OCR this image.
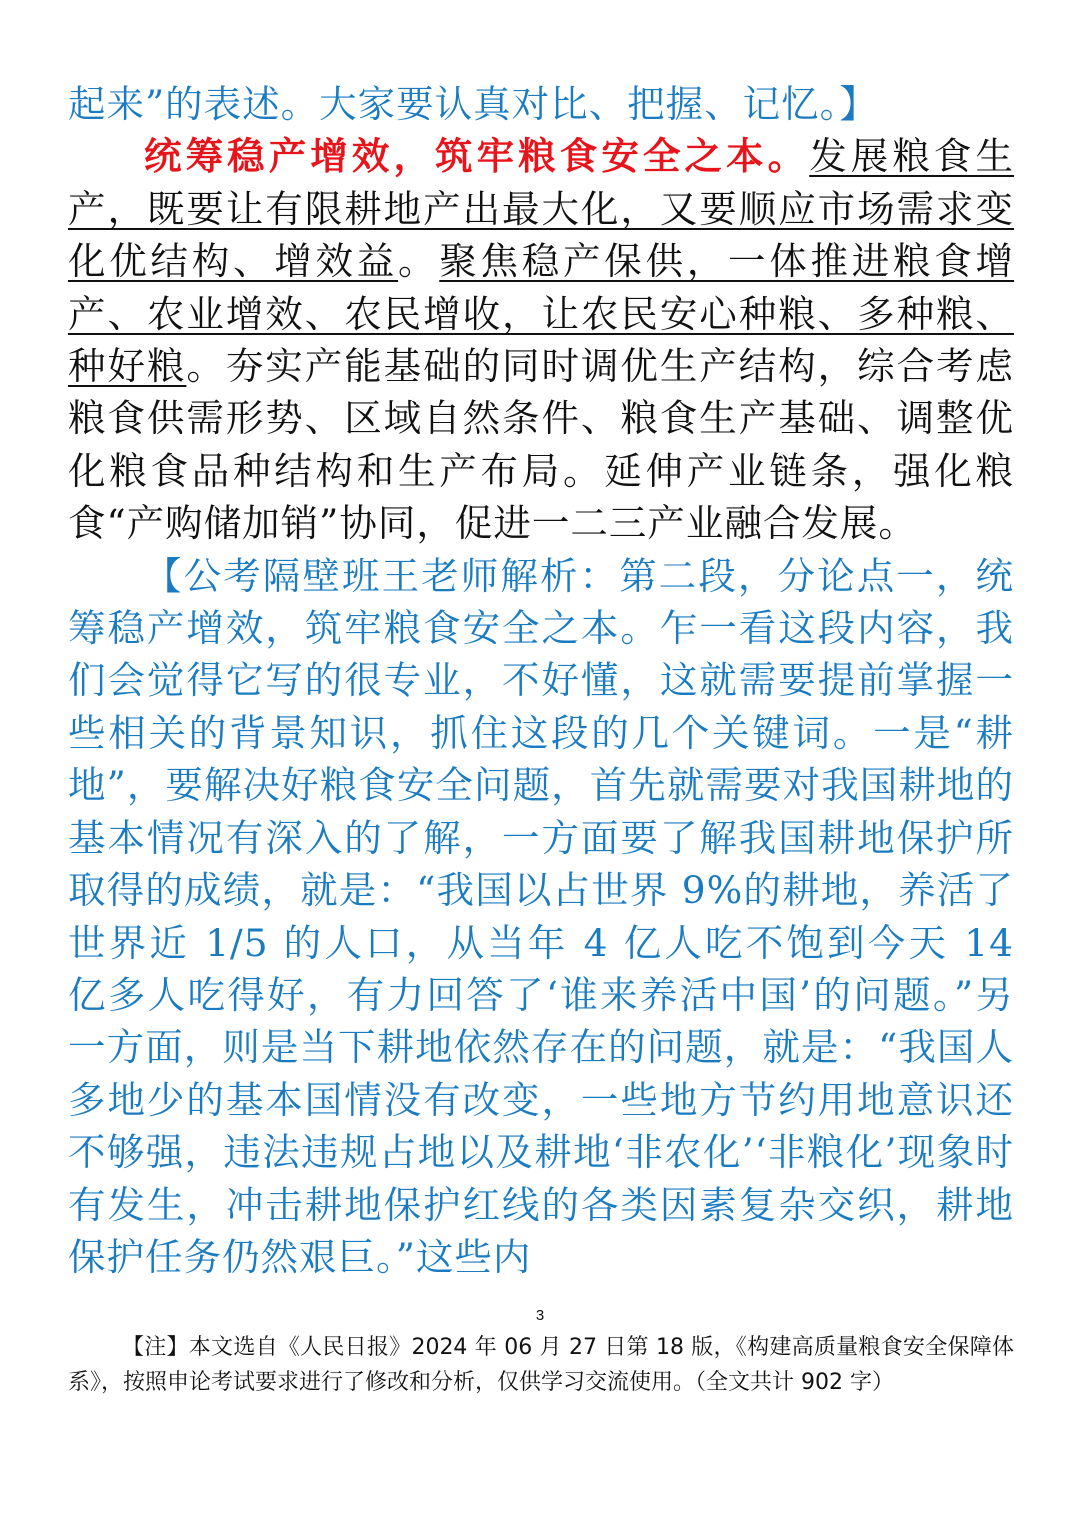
起来”的表述。大家要认真对比、把握、记忆。】

统筹稳产增效，筑牢粮食安全之本。发展粮食生产，既要让有限耕地产出最大化，又要顺应市场需求变化优结构、增效益。聚焦稳产保供，一体推进粮食增产、农业增效、农民增收，让农民安心种粮、多种粮、种好粮。夯实产能基础的同时调优生产结构，综合考虑粮食供需形势、区域自然条件、粮食生产基础、调整优化粮食品种结构和生产布局。延伸产业链条，强化粮食“产购储加销”协同，促进一二三产业融合发展。

【公考隔壁班王老师解析：第二段，分论点一，统筹稳产增效，筑牢粮食安全之本。乍一看这段内容，我们会觉得它写的很专业，不好懂，这就需要提前掌握一些相关的背景知识，抓住这段的几个关键词。一是“耕地”，要解决好粮食安全问题，首先就需要对我国耕地的基本情况有深入的了解，一方面要了解我国耕地保护所取得的成绩，就是：“我国以占世界 9%的耕地，养活了世界近 1/5 的人口，从当年 4 亿人吃不饱到今天 14 亿多人吃得好，有力回答了‘谁来养活中国’的问题。”另一方面，则是当下耕地依然存在的问题，就是：“我国人多地少的基本国情没有改变，一些地方节约用地意识还不够强，违法违规占地以及耕地‘非农化’‘非粮化’现象时有发生，冲击耕地保护红线的各类因素复杂交织，耕地保护任务仍然艰巨。”这些内

3

【注】本文选自《人民日报》2024 年 06 月 27 日第 18 版，《构建高质量粮食安全保障体系》，按照申论考试要求进行了修改和分析，仅供学习交流使用。（全文共计 902 字）
